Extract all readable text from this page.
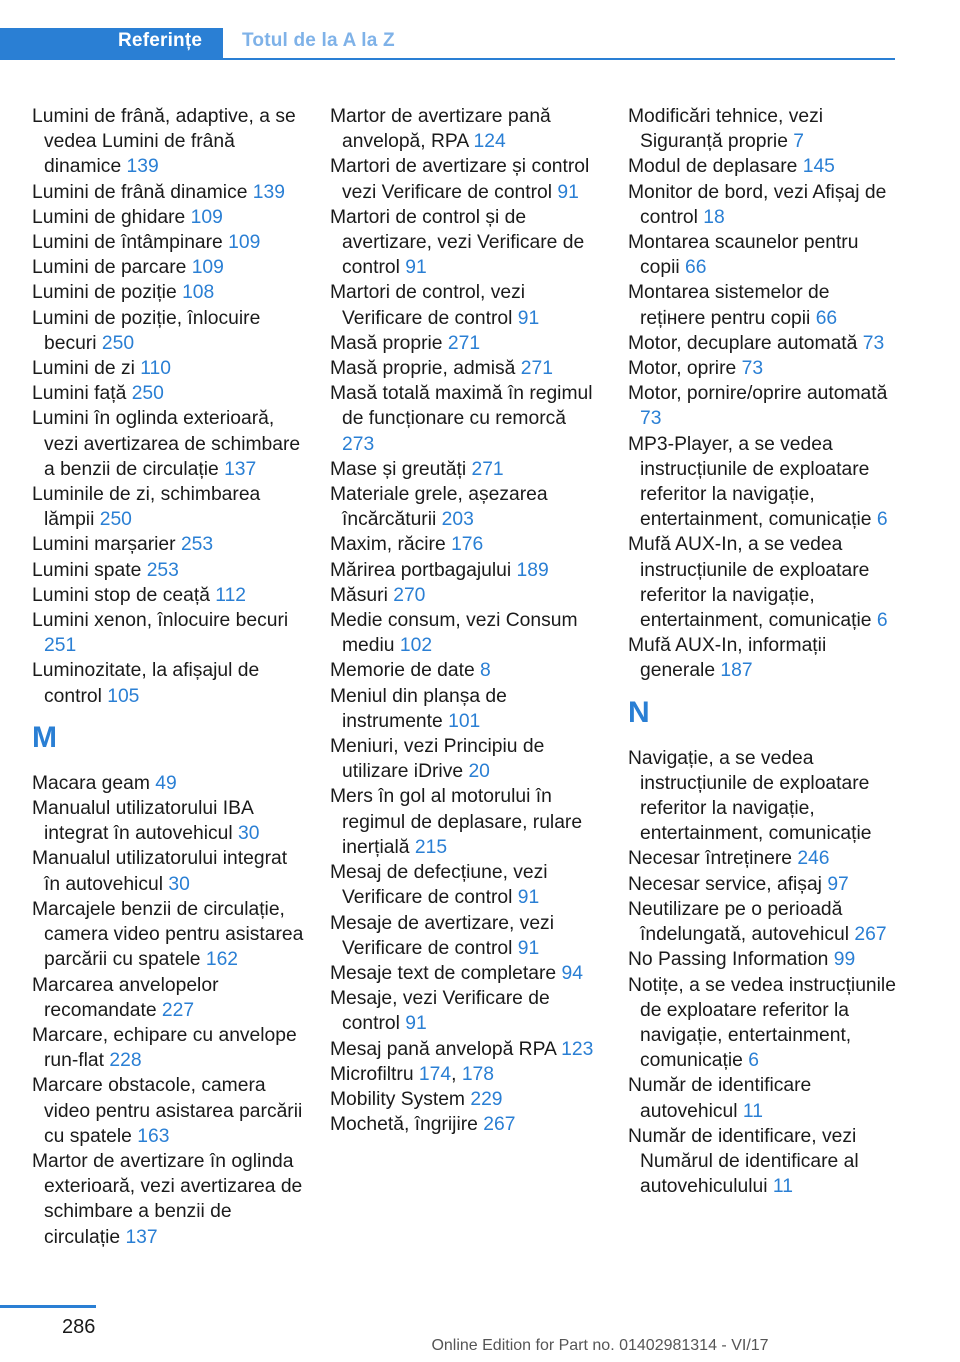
Referințe Totul de la A la Z
Lumini de frână, adaptive, a se vedea Lumini de frână dinamice 139
Lumini de frână dinamice 139
Lumini de ghidare 109
Lumini de întâmpinare 109
Lumini de parcare 109
Lumini de poziție 108
Lumini de poziție, înlocuire becuri 250
Lumini de zi 110
Lumini față 250
Lumini în oglinda exterioară, vezi avertizarea de schimbare a benzii de circulație 137
Luminile de zi, schimbarea lămpii 250
Lumini marșarier 253
Lumini spate 253
Lumini stop de ceață 112
Lumini xenon, înlocuire becuri 251
Luminozitate, la afișajul de control 105
M
Macara geam 49
Manualul utilizatorului IBA integrat în autovehicul 30
Manualul utilizatorului integrat în autovehicul 30
Marcajele benzii de circulație, camera video pentru asistarea parcării cu spatele 162
Marcarea anvelopelor recomandate 227
Marcare, echipare cu anvelope run-flat 228
Marcare obstacole, camera video pentru asistarea parcării cu spatele 163
Martor de avertizare în oglinda exterioară, vezi avertizarea de schimbare a benzii de circulație 137
Martor de avertizare pană anvelopă, RPA 124
Martori de avertizare și control vezi Verificare de control 91
Martori de control și de avertizare, vezi Verificare de control 91
Martori de control, vezi Verificare de control 91
Masă proprie 271
Masă proprie, admisă 271
Masă totală maximă în regimul de funcționare cu remorcă 273
Mase și greutăți 271
Materiale grele, așezarea încărcăturii 203
Maxim, răcire 176
Mărirea portbagajului 189
Măsuri 270
Medie consum, vezi Consum mediu 102
Memorie de date 8
Meniul din planșa de instrumente 101
Meniuri, vezi Principiu de utilizare iDrive 20
Mers în gol al motorului în regimul de deplasare, rulare inerțială 215
Mesaj de defecțiune, vezi Verificare de control 91
Mesaje de avertizare, vezi Verificare de control 91
Mesaje text de completare 94
Mesaje, vezi Verificare de control 91
Mesaj pană anvelopă RPA 123
Microfiltru 174, 178
Mobility System 229
Mochetă, îngrijire 267
Modificări tehnice, vezi Siguranță proprie 7
Modul de deplasare 145
Monitor de bord, vezi Afișaj de control 18
Montarea scaunelor pentru copii 66
Montarea sistemelor de rețінere pentru copii 66
Motor, decuplare automată 73
Motor, oprire 73
Motor, pornire/oprire automată 73
MP3-Player, a se vedea instrucțiunile de exploatare referitor la navigație, entertainment, comunicație 6
Mufă AUX-In, a se vedea instrucțiunile de exploatare referitor la navigație, entertainment, comunicație 6
Mufă AUX-In, informații generale 187
N
Navigație, a se vedea instrucțiunile de exploatare referitor la navigație, entertainment, comunicație
Necesar întreținere 246
Necesar service, afișaj 97
Neutilizare pe o perioadă îndelungată, autovehicul 267
No Passing Information 99
Notițe, a se vedea instrucțiunile de exploatare referitor la navigație, entertainment, comunicație 6
Număr de identificare autovehicul 11
Număr de identificare, vezi Numărul de identificare al autovehiculului 11
286
Online Edition for Part no. 01402981314 - VI/17
